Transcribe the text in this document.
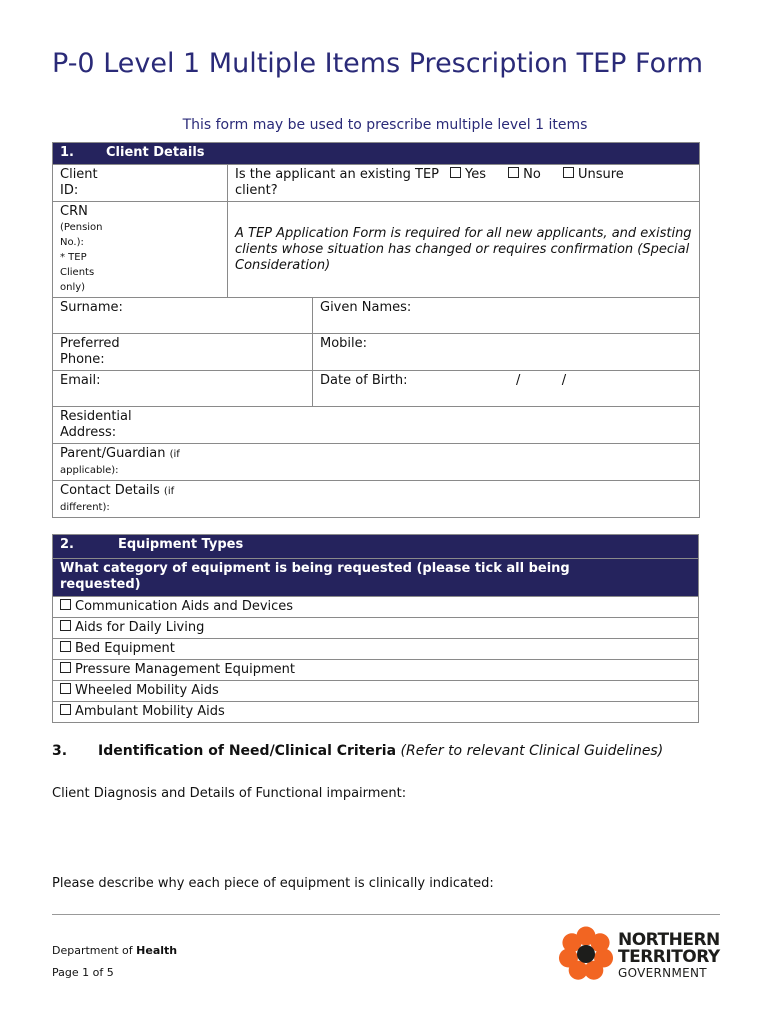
P-0 Level 1 Multiple Items Prescription TEP Form
This form may be used to prescribe multiple level 1 items
1. Client Details		
Client ID:	Is the applicant an existing TEP client?
Yes No Unsure	

CRN
(Pension No.):
* TEP Clients only)	A TEP Application Form is required for all new applicants, and existing clients whose situation has changed or requires confirmation (Special Consideration)	
Surname:		Given Names:
Preferred Phone:		Mobile:
Email:		Date of Birth: /          /
Residential Address:		
Parent/Guardian (if applicable):		
Contact Details (if different):		
2.	Equipment Types
What category of equipment is being requested (please tick all being requested)
Communication Aids and Devices
Aids for Daily Living
Bed Equipment
Pressure Management Equipment
Wheeled Mobility Aids
Ambulant Mobility Aids
3. Identification of Need/Clinical Criteria (Refer to relevant Clinical Guidelines)
Client Diagnosis and Details of Functional impairment:
Please describe why each piece of equipment is clinically indicated:
Department of Health
Page 1 of 5
NORTHERN
TERRITORY
GOVERNMENT
